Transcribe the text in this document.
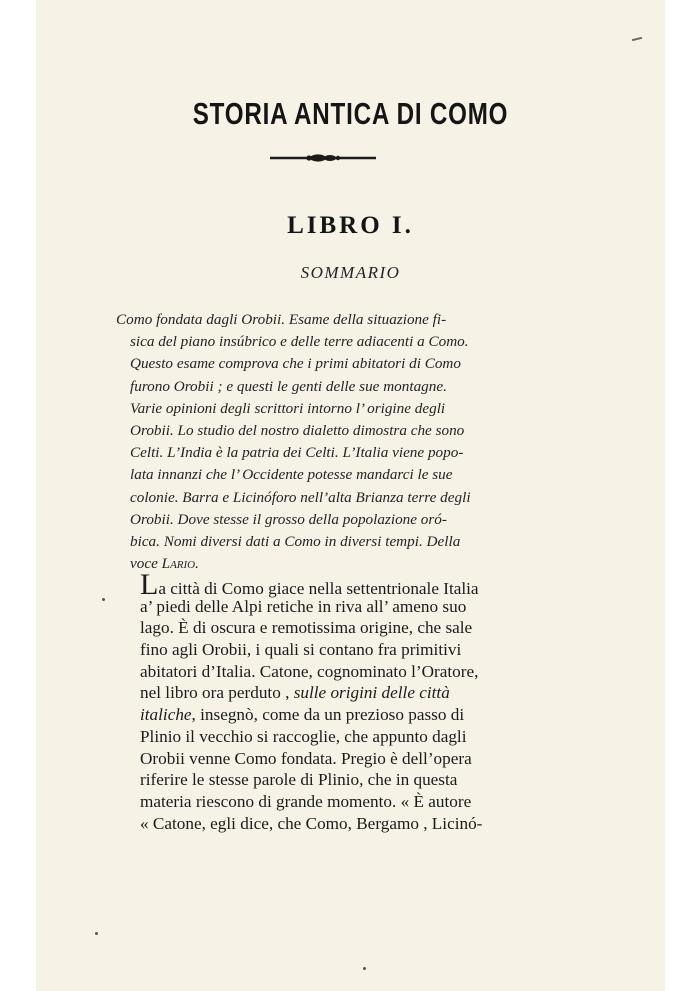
STORIA ANTICA DI COMO
LIBRO I.
SOMMARIO
Como fondata dagli Orobii. Esame della situazione fi-
sica del piano insúbrico e delle terre adiacenti a Como.
Questo esame comprova che i primi abitatori di Como
furono Orobii ; e questi le genti delle sue montagne.
Varie opinioni degli scrittori intorno l’ origine degli
Orobii. Lo studio del nostro dialetto dimostra che sono
Celti. L’India è la patria dei Celti. L’Italia viene popo-
lata innanzi che l’ Occidente potesse mandarci le sue
colonie. Barra e Licinóforo nell’alta Brianza terre degli
Orobii. Dove stesse il grosso della popolazione oró-
bica. Nomi diversi dati a Como in diversi tempi. Della
voce Lario.
La città di Como giace nella settentrionale Italia
a’ piedi delle Alpi retiche in riva all’ ameno suo
lago. È di oscura e remotissima origine, che sale
fino agli Orobii, i quali si contano fra primitivi
abitatori d’Italia. Catone, cognominato l’Oratore,
nel libro ora perduto , sulle origini delle città
italiche, insegnò, come da un prezioso passo di
Plinio il vecchio si raccoglie, che appunto dagli
Orobii venne Como fondata. Pregio è dell’opera
riferire le stesse parole di Plinio, che in questa
materia riescono di grande momento. « È autore
« Catone, egli dice, che Como, Bergamo , Licinó-
